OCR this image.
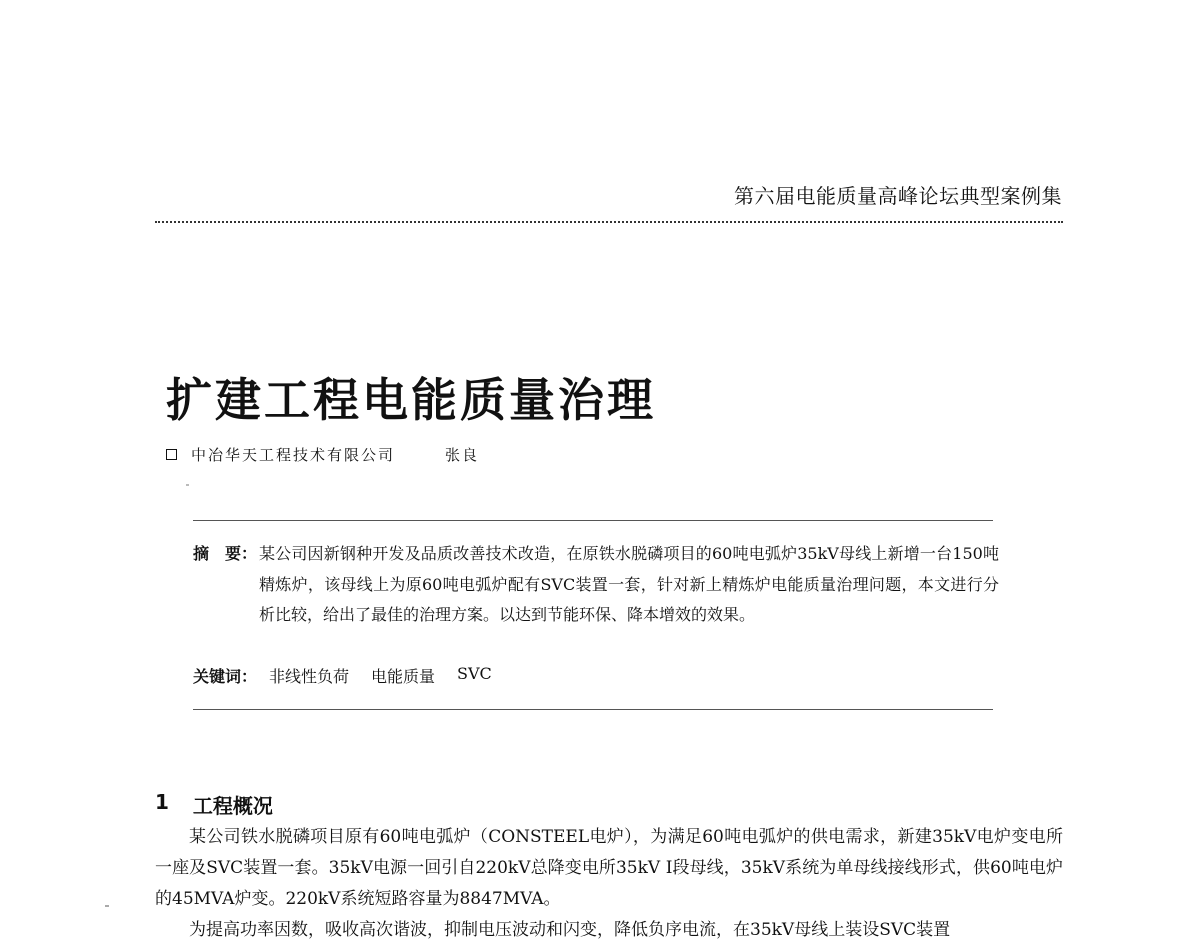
第六届电能质量高峰论坛典型案例集
扩建工程电能质量治理
中冶华天工程技术有限公司	张良
摘　要： 某公司因新钢种开发及品质改善技术改造，在原铁水脱磷项目的60吨电弧炉35kV母线上新增一台150吨精炼炉，该母线上为原60吨电弧炉配有SVC装置一套，针对新上精炼炉电能质量治理问题，本文进行分析比较，给出了最佳的治理方案。以达到节能环保、降本增效的效果。
关键词： 非线性负荷 电能质量 SVC
1 工程概况

某公司铁水脱磷项目原有60吨电弧炉（CONSTEEL电炉），为满足60吨电弧炉的供电需求，新建35kV电炉变电所一座及SVC装置一套。35kV电源一回引自220kV总降变电所35kV I段母线，35kV系统为单母线接线形式，供60吨电炉的45MVA炉变。220kV系统短路容量为8847MVA。

为提高功率因数，吸收高次谐波，抑制电压波动和闪变，降低负序电流，在35kV母线上装设SVC装置
